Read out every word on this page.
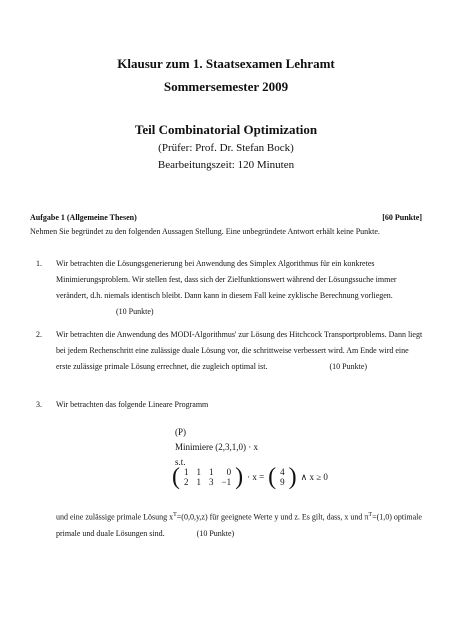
Klausur zum 1. Staatsexamen Lehramt
Sommersemester 2009
Teil Combinatorial Optimization
(Prüfer: Prof. Dr. Stefan Bock)
Bearbeitungszeit: 120 Minuten
Aufgabe 1 (Allgemeine Thesen)	[60 Punkte]
Nehmen Sie begründet zu den folgenden Aussagen Stellung. Eine unbegründete Antwort erhält keine Punkte.
1. Wir betrachten die Lösungsgenerierung bei Anwendung des Simplex Algorithmus für ein konkretes Minimierungsproblem. Wir stellen fest, dass sich der Zielfunktionswert während der Lösungssuche immer verändert, d.h. niemals identisch bleibt. Dann kann in diesem Fall keine zyklische Berechnung vorliegen. (10 Punkte)
2. Wir betrachten die Anwendung des MODI-Algorithmus' zur Lösung des Hitchcock Transportproblems. Dann liegt bei jedem Rechenschritt eine zulässige duale Lösung vor, die schrittweise verbessert wird. Am Ende wird eine erste zulässige primale Lösung errechnet, die zugleich optimal ist.	(10 Punkte)
3. Wir betrachten das folgende Lineare Programm
(P)
Minimiere (2,3,1,0) · x
s.t.
( 1	1	1	0
2	1	3	−1 ) · x = ( 4
9 ) ∧ x ≥ 0
und eine zulässige primale Lösung $x^T=(0,0,y,z)$ für geeignete Werte y und z. Es gilt, dass, x und $\pi^T=(1,0)$ optimale primale und duale Lösungen sind.	(10 Punkte)
